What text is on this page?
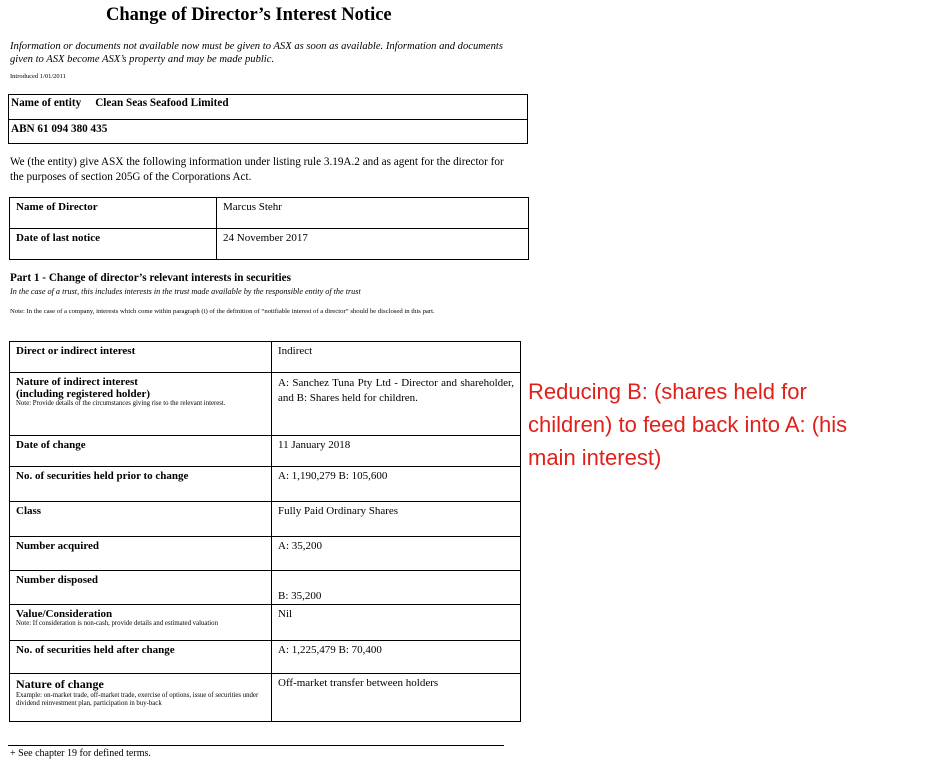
Change of Director’s Interest Notice
Information or documents not available now must be given to ASX as soon as available. Information and documents given to ASX become ASX’s property and may be made public.
Introduced 1/01/2011
Name of entity Clean Seas Seafood Limited
ABN 61 094 380 435
We (the entity) give ASX the following information under listing rule 3.19A.2 and as agent for the director for the purposes of section 205G of the Corporations Act.
Name of Director	Marcus Stehr
Date of last notice	24 November 2017
Part 1 - Change of director’s relevant interests in securities
In the case of a trust, this includes interests in the trust made available by the responsible entity of the trust
Note: In the case of a company, interests which come within paragraph (i) of the definition of “notifiable interest of a director” should be disclosed in this part.
Direct or indirect interest	Indirect

Nature of indirect interest
(including registered holder)
Note: Provide details of the circumstances giving rise to the relevant interest.	A: Sanchez Tuna Pty Ltd - Director and shareholder, and B: Shares held for children.
Date of change	11 January 2018
No. of securities held prior to change	A: 1,190,279 B: 105,600
Class	Fully Paid Ordinary Shares
Number acquired	A: 35,200
Number disposed	B: 35,200

Value/Consideration
Note: If consideration is non-cash, provide details and estimated valuation	Nil
No. of securities held after change	A: 1,225,479 B: 70,400

Nature of change
Example: on-market trade, off-market trade, exercise of options, issue of securities under dividend reinvestment plan, participation in buy-back	Off-market transfer between holders
+ See chapter 19 for defined terms.
Reducing B: (shares held for children) to feed back into A: (his main interest)
